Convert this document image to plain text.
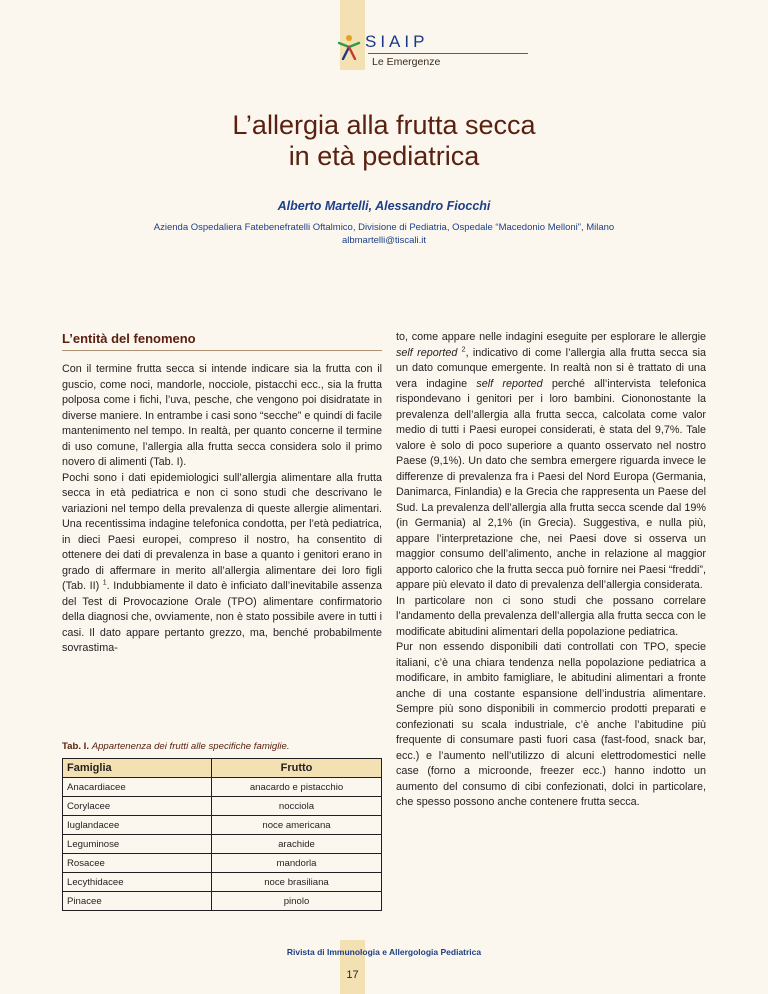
SIAIP
Le Emergenze
L’allergia alla frutta secca
in età pediatrica
Alberto Martelli, Alessandro Fiocchi
Azienda Ospedaliera Fatebenefratelli Oftalmico, Divisione di Pediatria, Ospedale “Macedonio Melloni”, Milano
albmartelli@tiscali.it
L’entità del fenomeno

Con il termine frutta secca si intende indicare sia la frutta con il guscio, come noci, mandorle, nocciole, pistacchi ecc., sia la frutta polposa come i fichi, l’uva, pesche, che vengono poi disidratate in diverse maniere. In entrambe i casi sono “secche” e quindi di facile mantenimento nel tempo. In realtà, per quanto concerne il termine di uso comune, l’allergia alla frutta secca considera solo il primo novero di alimenti (Tab. I).

Pochi sono i dati epidemiologici sull’allergia alimentare alla frutta secca in età pediatrica e non ci sono studi che descrivano le variazioni nel tempo della prevalenza di queste allergie alimentari. Una recentissima indagine telefonica condotta, per l’età pediatrica, in dieci Paesi europei, compreso il nostro, ha consentito di ottenere dei dati di prevalenza in base a quanto i genitori erano in grado di affermare in merito all’allergia alimentare dei loro figli (Tab. II) $^1$. Indubbiamente il dato è inficiato dall’inevitabile assenza del Test di Provocazione Orale (TPO) alimentare confirmatorio della diagnosi che, ovviamente, non è stato possibile avere in tutti i casi. Il dato appare pertanto grezzo, ma, benché probabilmente sovrastima-

to, come appare nelle indagini eseguite per esplorare le allergie self reported $^2$, indicativo di come l’allergia alla frutta secca sia un dato comunque emergente. In realtà non si è trattato di una vera indagine self reported perché all’intervista telefonica rispondevano i genitori per i loro bambini. Ciononostante la prevalenza dell’allergia alla frutta secca, calcolata come valor medio di tutti i Paesi europei considerati, è stata del 9,7%. Tale valore è solo di poco superiore a quanto osservato nel nostro Paese (9,1%). Un dato che sembra emergere riguarda invece le differenze di prevalenza fra i Paesi del Nord Europa (Germania, Danimarca, Finlandia) e la Grecia che rappresenta un Paese del Sud. La prevalenza dell’allergia alla frutta secca scende dal 19% (in Germania) al 2,1% (in Grecia). Suggestiva, e nulla più, appare l’interpretazione che, nei Paesi dove si osserva un maggior consumo dell’alimento, anche in relazione al maggior apporto calorico che la frutta secca può fornire nei Paesi “freddi”, appare più elevato il dato di prevalenza dell’allergia considerata.

In particolare non ci sono studi che possano correlare l’andamento della prevalenza dell’allergia alla frutta secca con le modificate abitudini alimentari della popolazione pediatrica.

Pur non essendo disponibili dati controllati con TPO, specie italiani, c’è una chiara tendenza nella popolazione pediatrica a modificare, in ambito famigliare, le abitudini alimentari a fronte anche di una costante espansione dell’industria alimentare. Sempre più sono disponibili in commercio prodotti preparati e confezionati su scala industriale, c’è anche l’abitudine più frequente di consumare pasti fuori casa (fast-food, snack bar, ecc.) e l’aumento nell’utilizzo di alcuni elettrodomestici nelle case (forno a microonde, freezer ecc.) hanno indotto un aumento del consumo di cibi confezionati, dolci in particolare, che spesso possono anche contenere frutta secca.

Tab. I. Appartenenza dei frutti alle specifiche famiglie.
Famiglia	Frutto
Anacardiacee	anacardo e pistacchio
Corylacee	nocciola
Iuglandacee	noce americana
Leguminose	arachide
Rosacee	mandorla
Lecythidacee	noce brasiliana
Pinacee	pinolo
Rivista di Immunologia e Allergologia Pediatrica
17
